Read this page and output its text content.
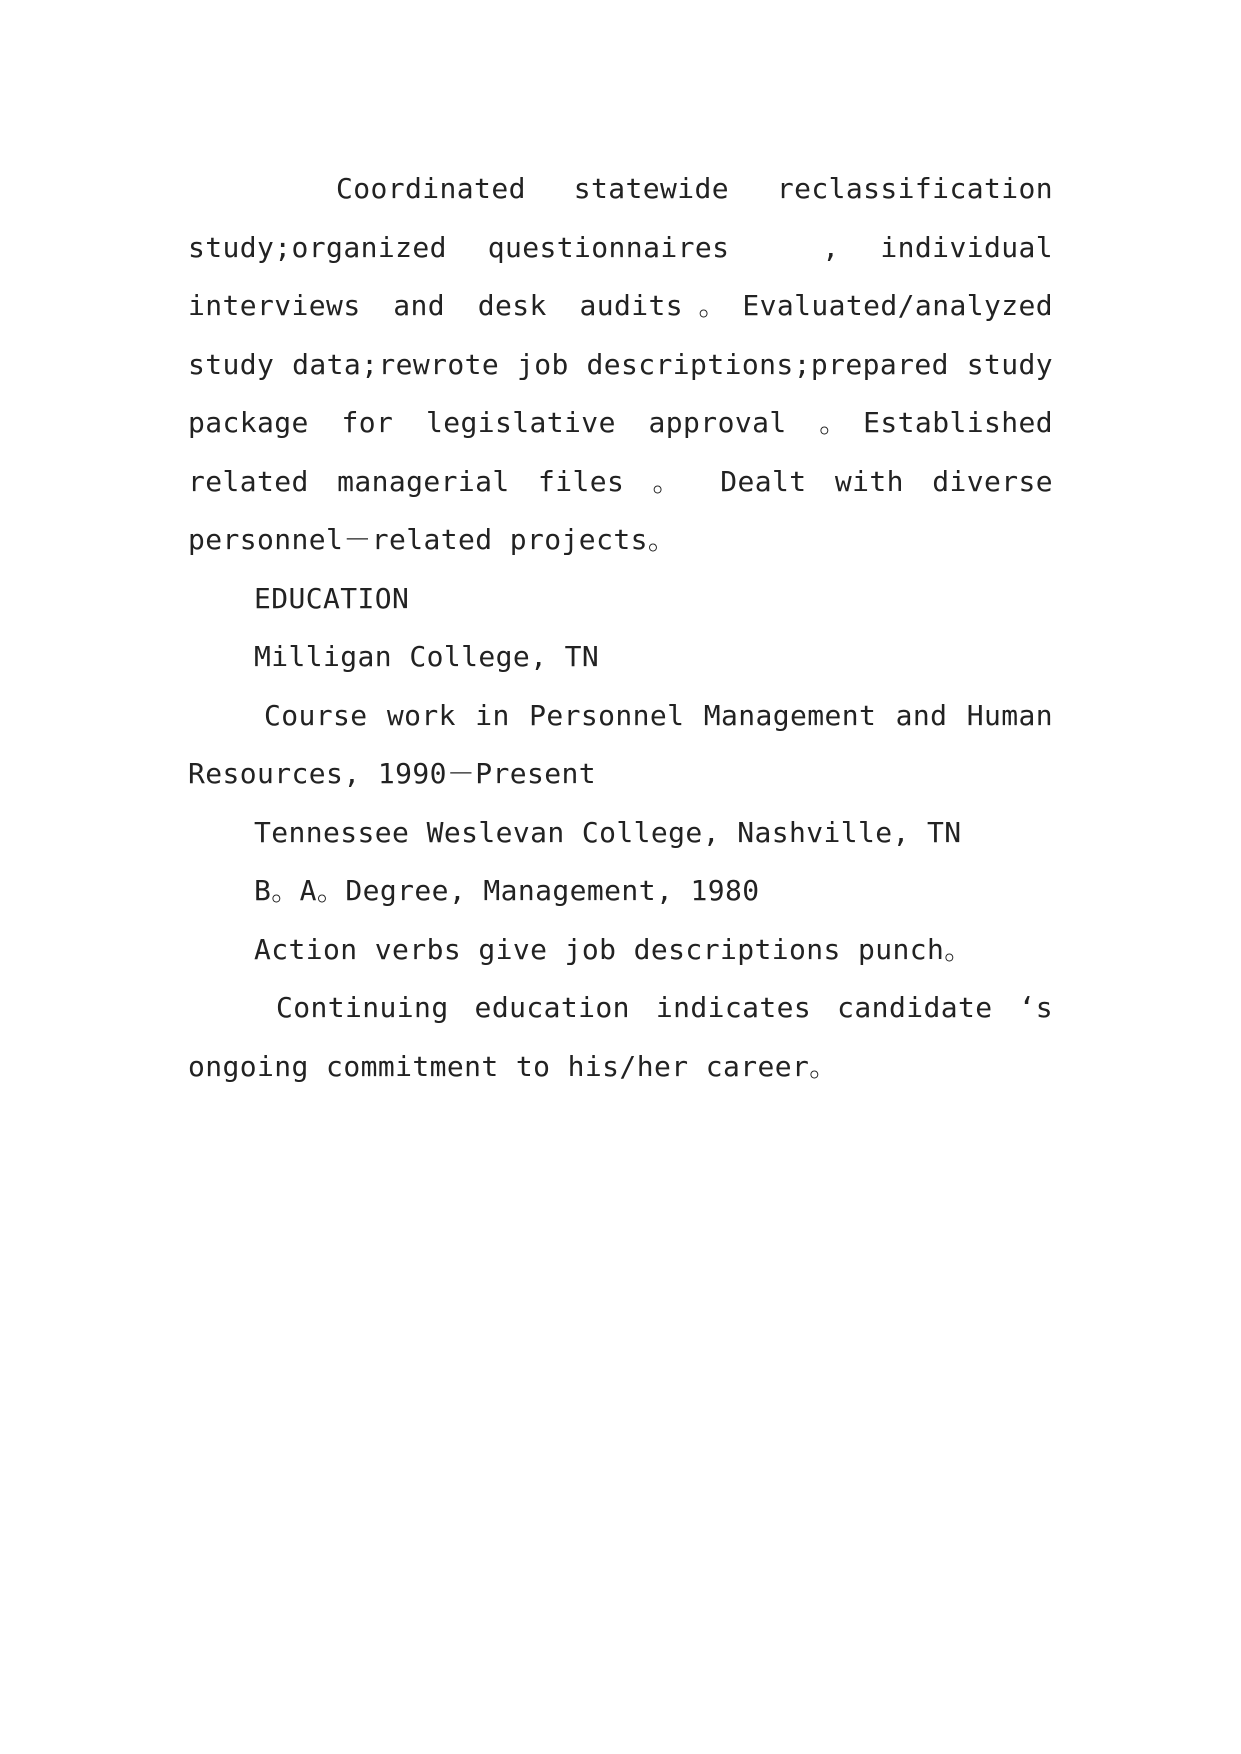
Coordinated statewide reclassification study;organized questionnaires 　, individual interviews and desk audits。Evaluated/analyzed study data;rewrote job descriptions;prepared study package for legislative approval 。Established related managerial files 。 Dealt with diverse personnel－related projects。

EDUCATION

Milligan College, TN

Course work in Personnel Management and Human Resources, 1990－Present

Tennessee Weslevan College, Nashville, TN

B。A。Degree, Management, 1980

Action verbs give job descriptions punch。

Continuing education indicates candidate ‘s ongoing commitment to his/her career。
